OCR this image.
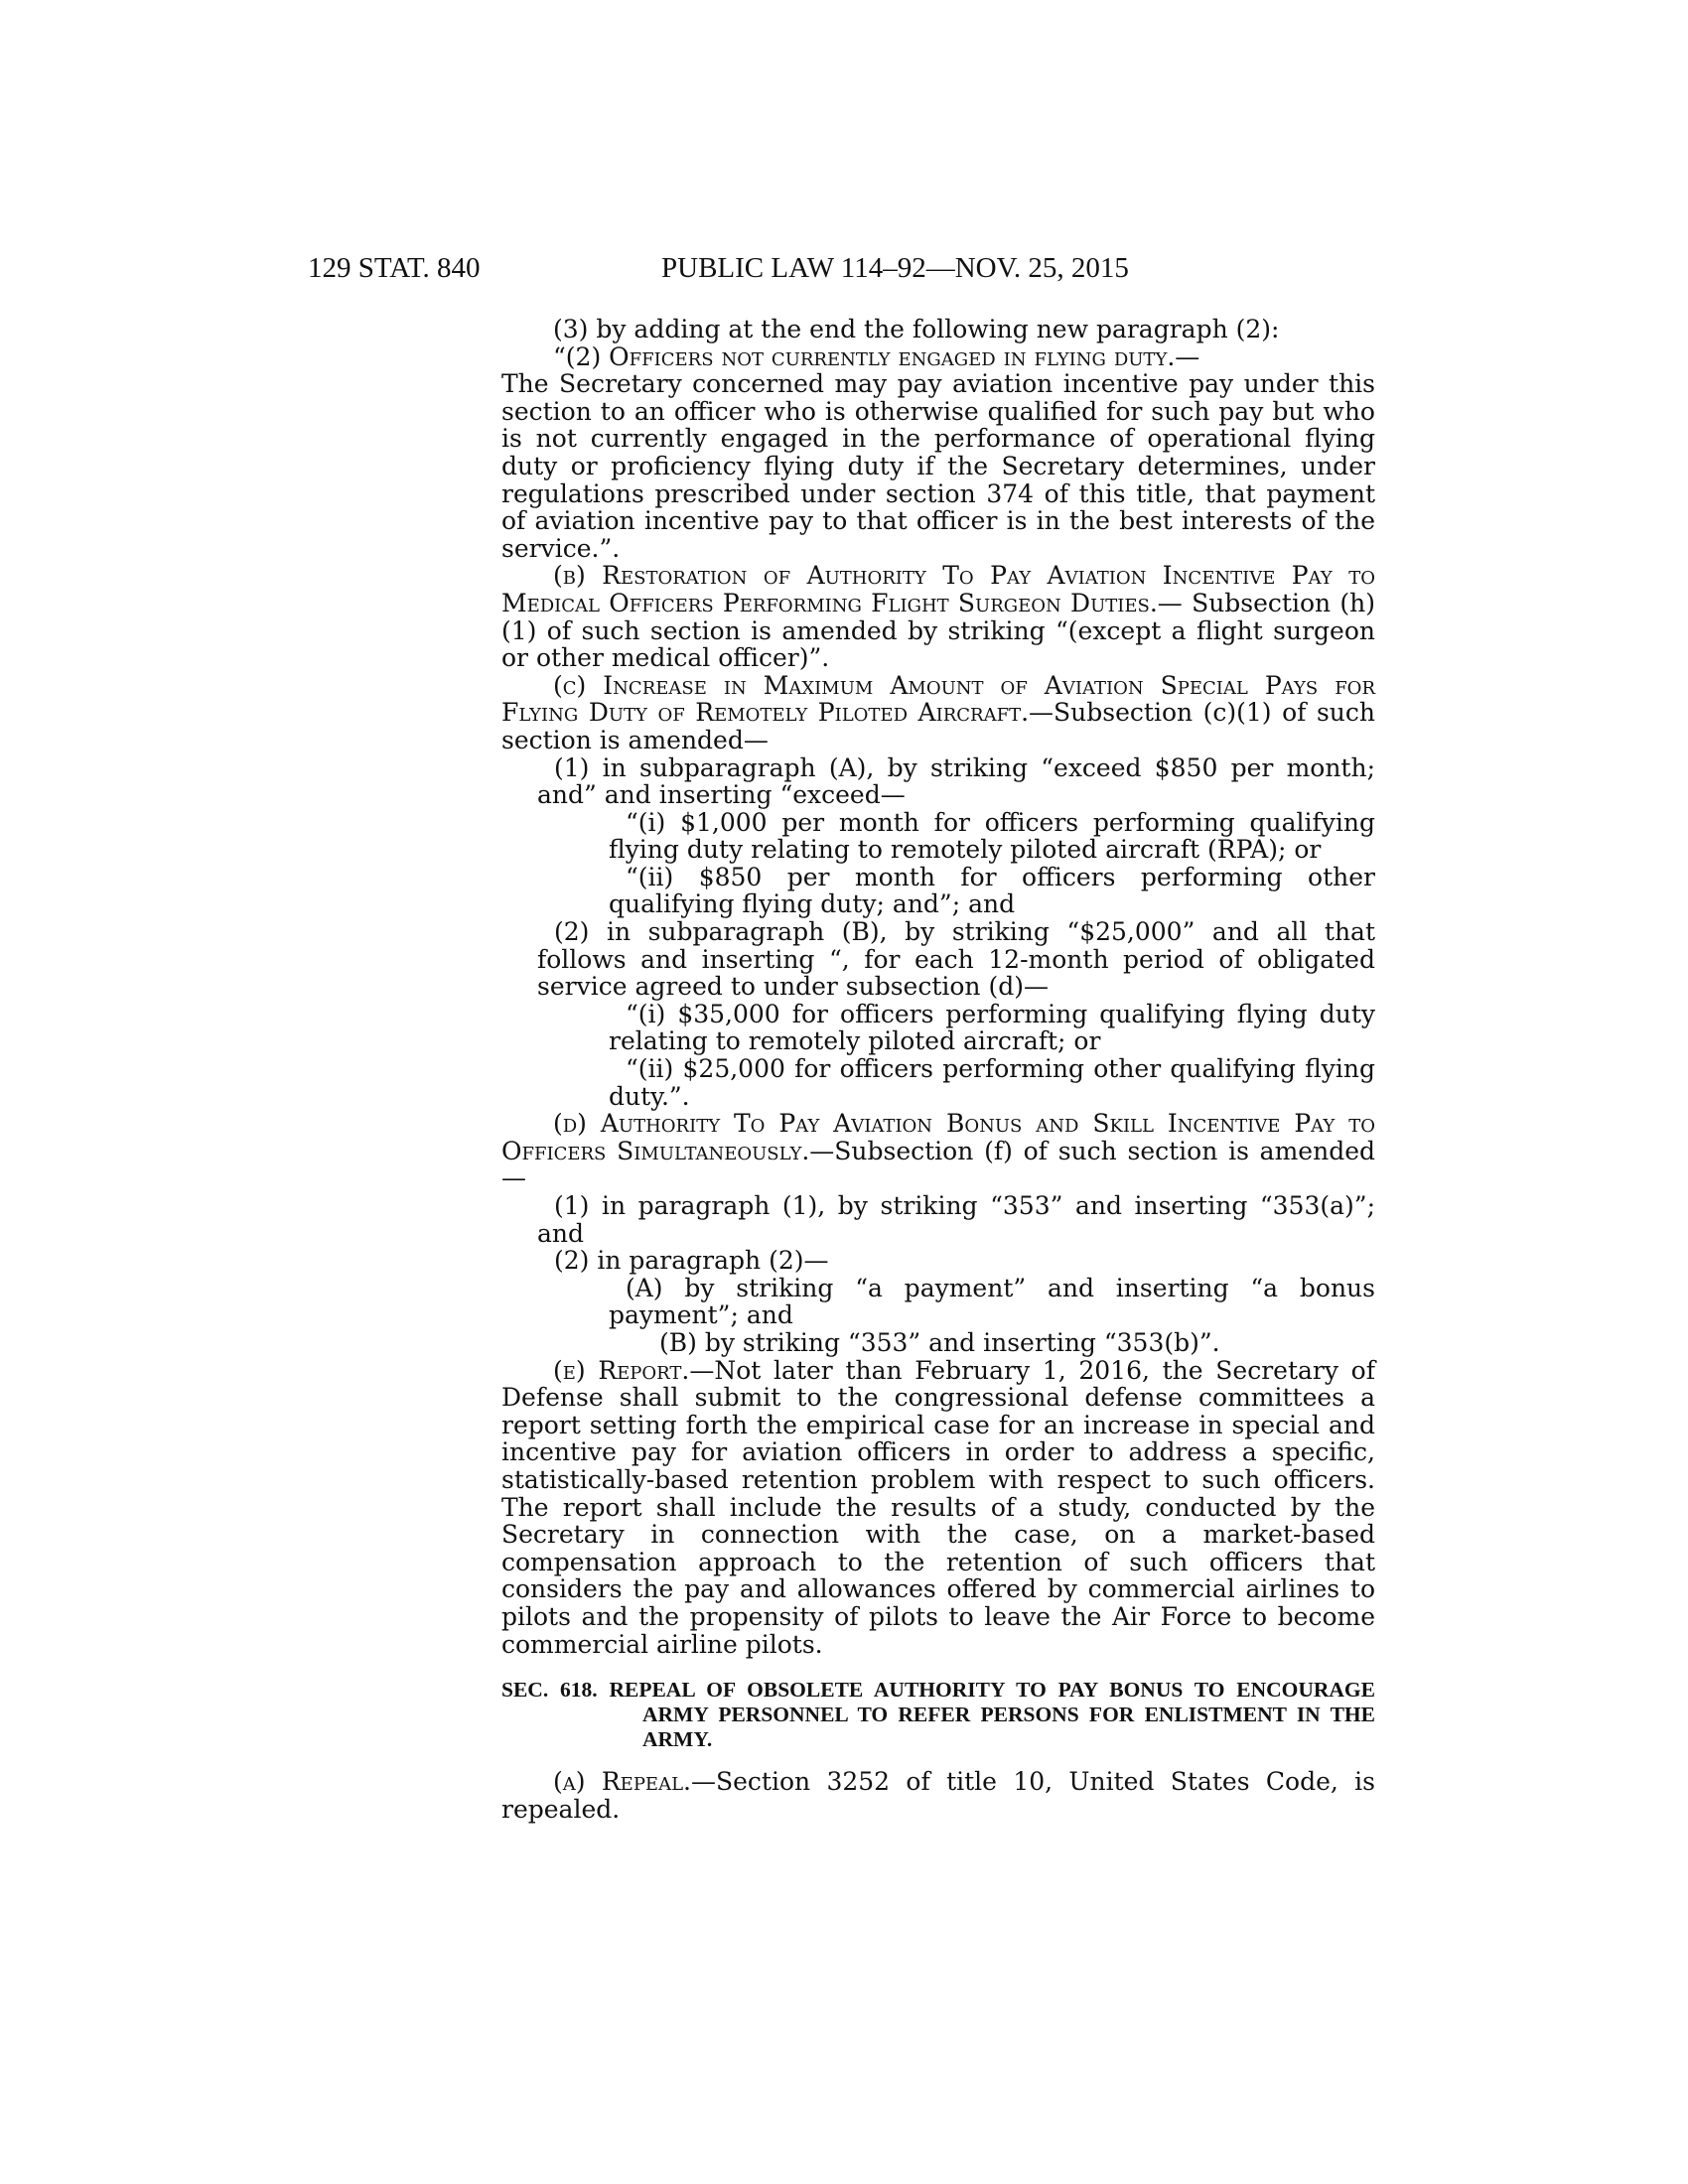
129 STAT. 840	PUBLIC LAW 114–92—NOV. 25, 2015

(3) by adding at the end the following new paragraph (2):

“(2) Officers not currently engaged in flying duty.—
The Secretary concerned may pay aviation incentive pay under this section to an officer who is otherwise qualified for such pay but who is not currently engaged in the performance of operational flying duty or proficiency flying duty if the Secretary determines, under regulations prescribed under section 374 of this title, that payment of aviation incentive pay to that officer is in the best interests of the service.”.

(b) Restoration of Authority To Pay Aviation Incentive Pay to Medical Officers Performing Flight Surgeon Duties.— Subsection (h)(1) of such section is amended by striking “(except a flight surgeon or other medical officer)”.

(c) Increase in Maximum Amount of Aviation Special Pays for Flying Duty of Remotely Piloted Aircraft.—Subsection (c)(1) of such section is amended—

(1) in subparagraph (A), by striking “exceed $850 per month; and” and inserting “exceed—

“(i) $1,000 per month for officers performing qualifying flying duty relating to remotely piloted aircraft (RPA); or

“(ii) $850 per month for officers performing other qualifying flying duty; and”; and

(2) in subparagraph (B), by striking “$25,000” and all that follows and inserting “, for each 12-month period of obligated service agreed to under subsection (d)—

“(i) $35,000 for officers performing qualifying flying duty relating to remotely piloted aircraft; or

“(ii) $25,000 for officers performing other qualifying flying duty.”.

(d) Authority To Pay Aviation Bonus and Skill Incentive Pay to Officers Simultaneously.—Subsection (f) of such section is amended—

(1) in paragraph (1), by striking “353” and inserting “353(a)”; and

(2) in paragraph (2)—

(A) by striking “a payment” and inserting “a bonus payment”; and

(B) by striking “353” and inserting “353(b)”.

(e) Report.—Not later than February 1, 2016, the Secretary of Defense shall submit to the congressional defense committees a report setting forth the empirical case for an increase in special and incentive pay for aviation officers in order to address a specific, statistically-based retention problem with respect to such officers. The report shall include the results of a study, conducted by the Secretary in connection with the case, on a market-based compensation approach to the retention of such officers that considers the pay and allowances offered by commercial airlines to pilots and the propensity of pilots to leave the Air Force to become commercial airline pilots.

SEC. 618. REPEAL OF OBSOLETE AUTHORITY TO PAY BONUS TO ENCOURAGE ARMY PERSONNEL TO REFER PERSONS FOR ENLISTMENT IN THE ARMY.

(a) Repeal.—Section 3252 of title 10, United States Code, is repealed.
